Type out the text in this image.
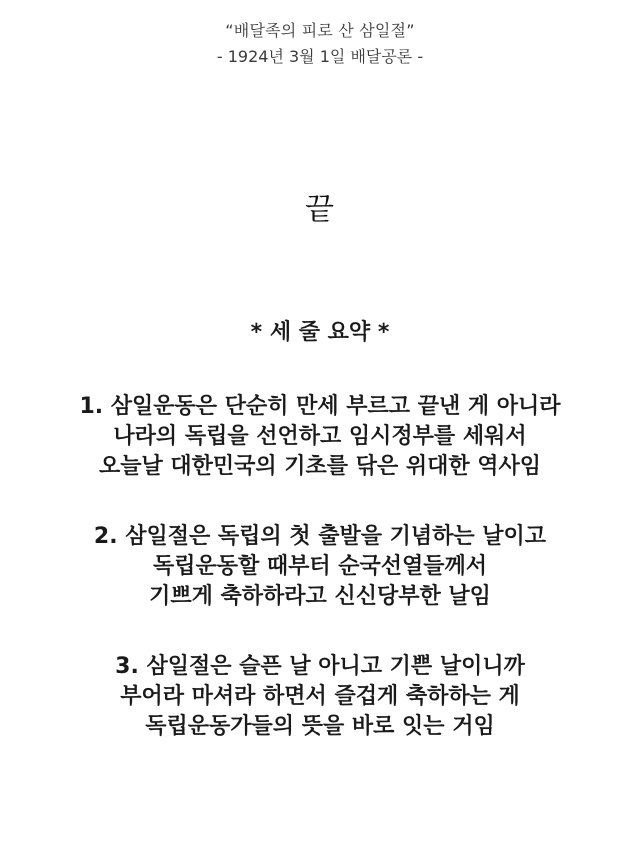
“배달족의 피로 산 삼일절”
- 1924년 3월 1일 배달공론 -
끝
* 세 줄 요약 *
1. 삼일운동은 단순히 만세 부르고 끝낸 게 아니라
나라의 독립을 선언하고 임시정부를 세워서
오늘날 대한민국의 기초를 닦은 위대한 역사임
2. 삼일절은 독립의 첫 출발을 기념하는 날이고
독립운동할 때부터 순국선열들께서
기쁘게 축하하라고 신신당부한 날임
3. 삼일절은 슬픈 날 아니고 기쁜 날이니까
부어라 마셔라 하면서 즐겁게 축하하는 게
독립운동가들의 뜻을 바로 잇는 거임
